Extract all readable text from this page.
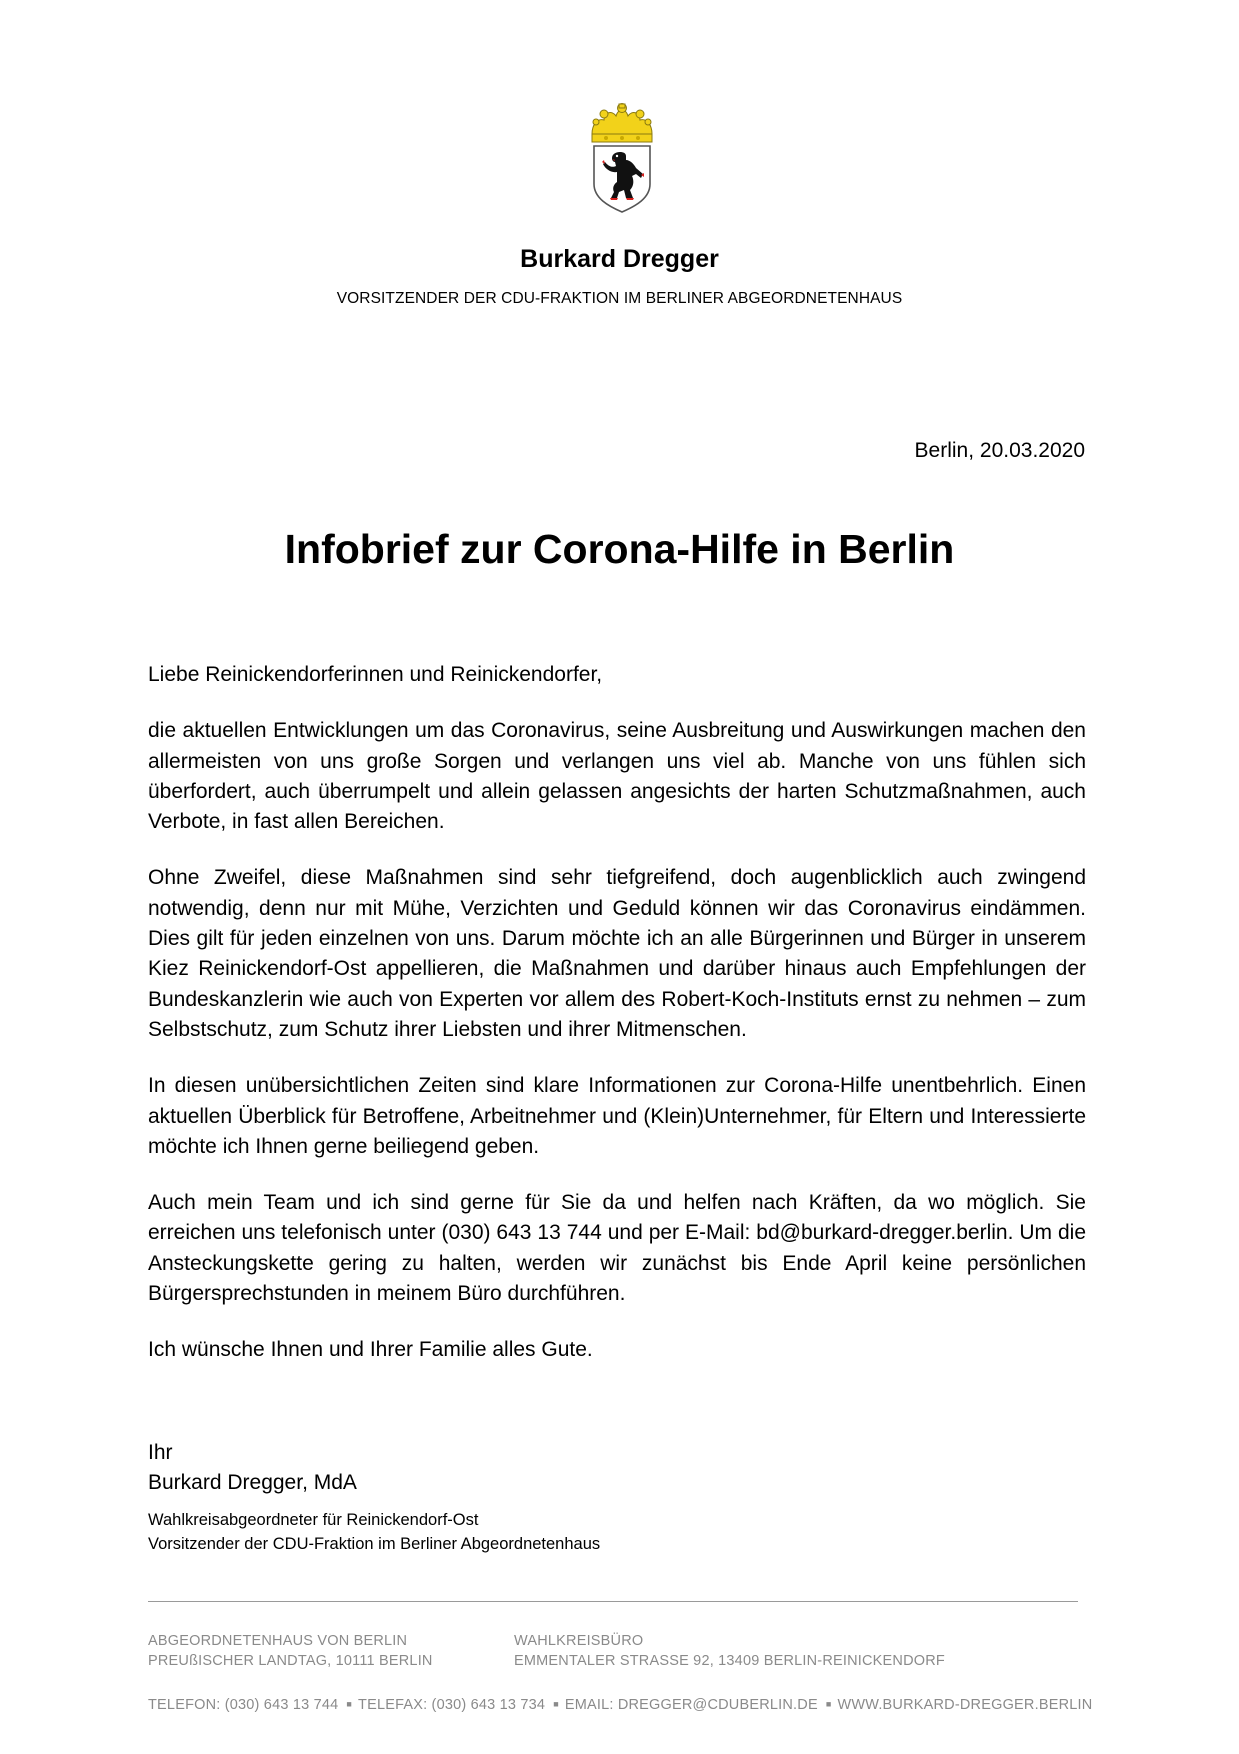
Burkard Dregger
VORSITZENDER DER CDU-FRAKTION IM BERLINER ABGEORDNETENHAUS
Berlin, 20.03.2020
Infobrief zur Corona-Hilfe in Berlin

Liebe Reinickendorferinnen und Reinickendorfer,

die aktuellen Entwicklungen um das Coronavirus, seine Ausbreitung und Auswirkungen machen den allermeisten von uns große Sorgen und verlangen uns viel ab. Manche von uns fühlen sich überfordert, auch überrumpelt und allein gelassen angesichts der harten Schutzmaßnahmen, auch Verbote, in fast allen Bereichen.

Ohne Zweifel, diese Maßnahmen sind sehr tiefgreifend, doch augenblicklich auch zwingend notwendig, denn nur mit Mühe, Verzichten und Geduld können wir das Coronavirus eindämmen. Dies gilt für jeden einzelnen von uns. Darum möchte ich an alle Bürgerinnen und Bürger in unserem Kiez Reinickendorf-Ost appellieren, die Maßnahmen und darüber hinaus auch Empfehlungen der Bundeskanzlerin wie auch von Experten vor allem des Robert-Koch-Instituts ernst zu nehmen – zum Selbstschutz, zum Schutz ihrer Liebsten und ihrer Mitmenschen.

In diesen unübersichtlichen Zeiten sind klare Informationen zur Corona-Hilfe unentbehrlich. Einen aktuellen Überblick für Betroffene, Arbeitnehmer und (Klein)Unternehmer, für Eltern und Interessierte möchte ich Ihnen gerne beiliegend geben.

Auch mein Team und ich sind gerne für Sie da und helfen nach Kräften, da wo möglich. Sie erreichen uns telefonisch unter (030) 643 13 744 und per E-Mail: bd@burkard-dregger.berlin. Um die Ansteckungskette gering zu halten, werden wir zunächst bis Ende April keine persönlichen Bürgersprechstunden in meinem Büro durchführen.

Ich wünsche Ihnen und Ihrer Familie alles Gute.

Ihr
Burkard Dregger, MdA
Wahlkreisabgeordneter für Reinickendorf-Ost
Vorsitzender der CDU-Fraktion im Berliner Abgeordnetenhaus
ABGEORDNETENHAUS VON BERLIN
PREUßISCHER LANDTAG, 10111 BERLIN
WAHLKREISBÜRO
EMMENTALER STRASSE 92, 13409 BERLIN-REINICKENDORF
TELEFON: (030) 643 13 744 ■ TELEFAX: (030) 643 13 734 ■ EMAIL: DREGGER@CDUBERLIN.DE ■ WWW.BURKARD-DREGGER.BERLIN
